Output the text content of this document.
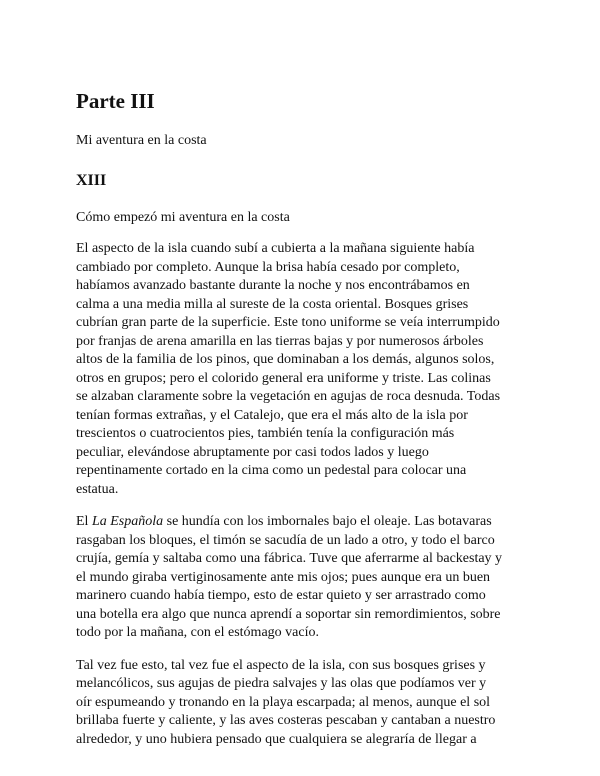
Parte III

Mi aventura en la costa

XIII

Cómo empezó mi aventura en la costa

El aspecto de la isla cuando subí a cubierta a la mañana siguiente había
cambiado por completo. Aunque la brisa había cesado por completo,
habíamos avanzado bastante durante la noche y nos encontrábamos en
calma a una media milla al sureste de la costa oriental. Bosques grises
cubrían gran parte de la superficie. Este tono uniforme se veía interrumpido
por franjas de arena amarilla en las tierras bajas y por numerosos árboles
altos de la familia de los pinos, que dominaban a los demás, algunos solos,
otros en grupos; pero el colorido general era uniforme y triste. Las colinas
se alzaban claramente sobre la vegetación en agujas de roca desnuda. Todas
tenían formas extrañas, y el Catalejo, que era el más alto de la isla por
trescientos o cuatrocientos pies, también tenía la configuración más
peculiar, elevándose abruptamente por casi todos lados y luego
repentinamente cortado en la cima como un pedestal para colocar una
estatua.

El La Española se hundía con los imbornales bajo el oleaje. Las botavaras
rasgaban los bloques, el timón se sacudía de un lado a otro, y todo el barco
crujía, gemía y saltaba como una fábrica. Tuve que aferrarme al backestay y
el mundo giraba vertiginosamente ante mis ojos; pues aunque era un buen
marinero cuando había tiempo, esto de estar quieto y ser arrastrado como
una botella era algo que nunca aprendí a soportar sin remordimientos, sobre
todo por la mañana, con el estómago vacío.

Tal vez fue esto, tal vez fue el aspecto de la isla, con sus bosques grises y
melancólicos, sus agujas de piedra salvajes y las olas que podíamos ver y
oír espumeando y tronando en la playa escarpada; al menos, aunque el sol
brillaba fuerte y caliente, y las aves costeras pescaban y cantaban a nuestro
alrededor, y uno hubiera pensado que cualquiera se alegraría de llegar a
